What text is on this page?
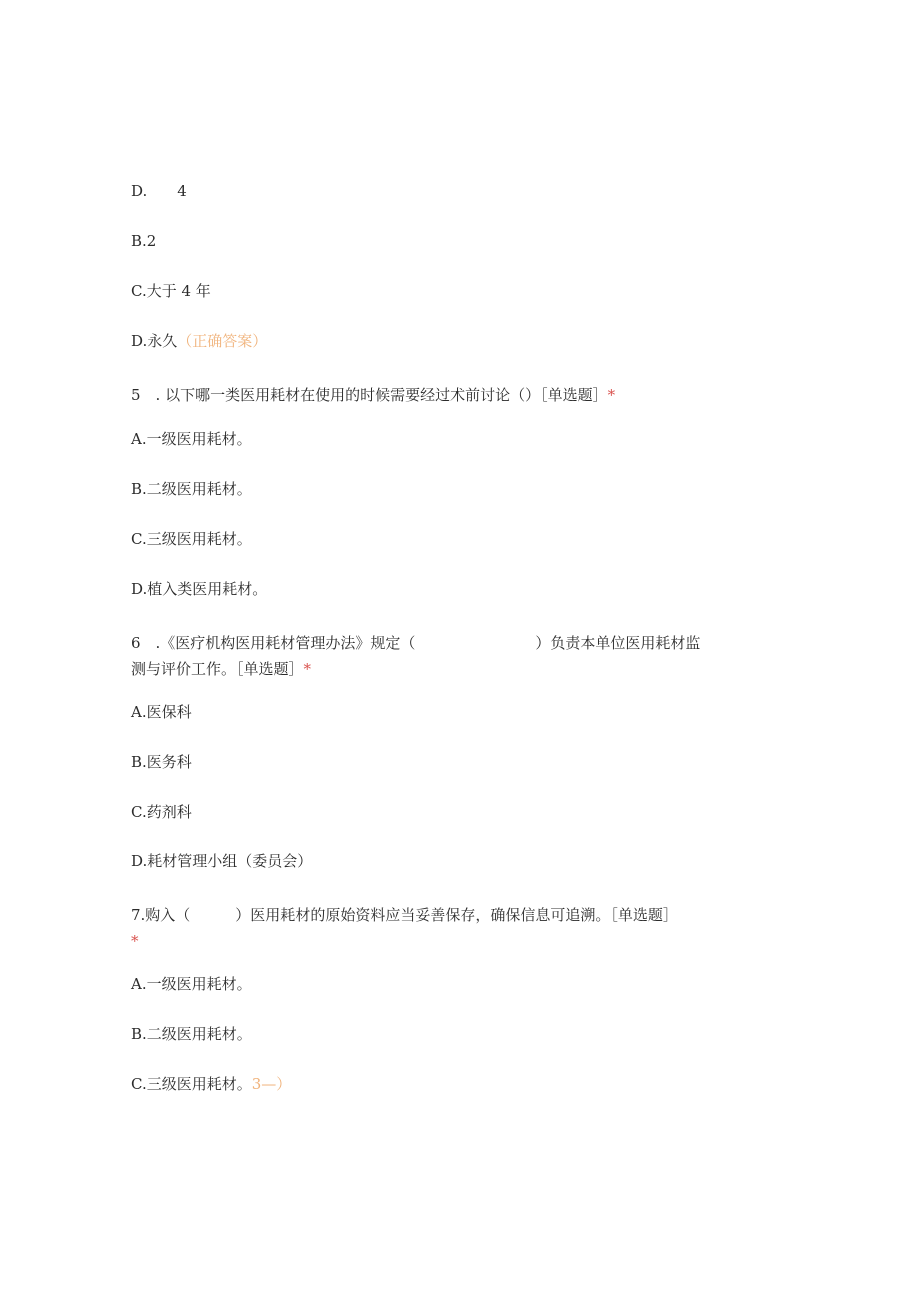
D.　　4
B.2
C.大于 4 年
D.永久（正确答案）
5　. 以下哪一类医用耗材在使用的时候需要经过术前讨论（）［单选题］*
A.一级医用耗材。
B.二级医用耗材。
C.三级医用耗材。
D.植入类医用耗材。
6　.《医疗机构医用耗材管理办法》规定（　　　　　　　　）负责本单位医用耗材监
测与评价工作。［单选题］*
A.医保科
B.医务科
C.药剂科
D.耗材管理小组（委员会）
7.购入（　　　）医用耗材的原始资料应当妥善保存，确保信息可追溯。［单选题］
*
A.一级医用耗材。
B.二级医用耗材。
C.三级医用耗材。3—）
